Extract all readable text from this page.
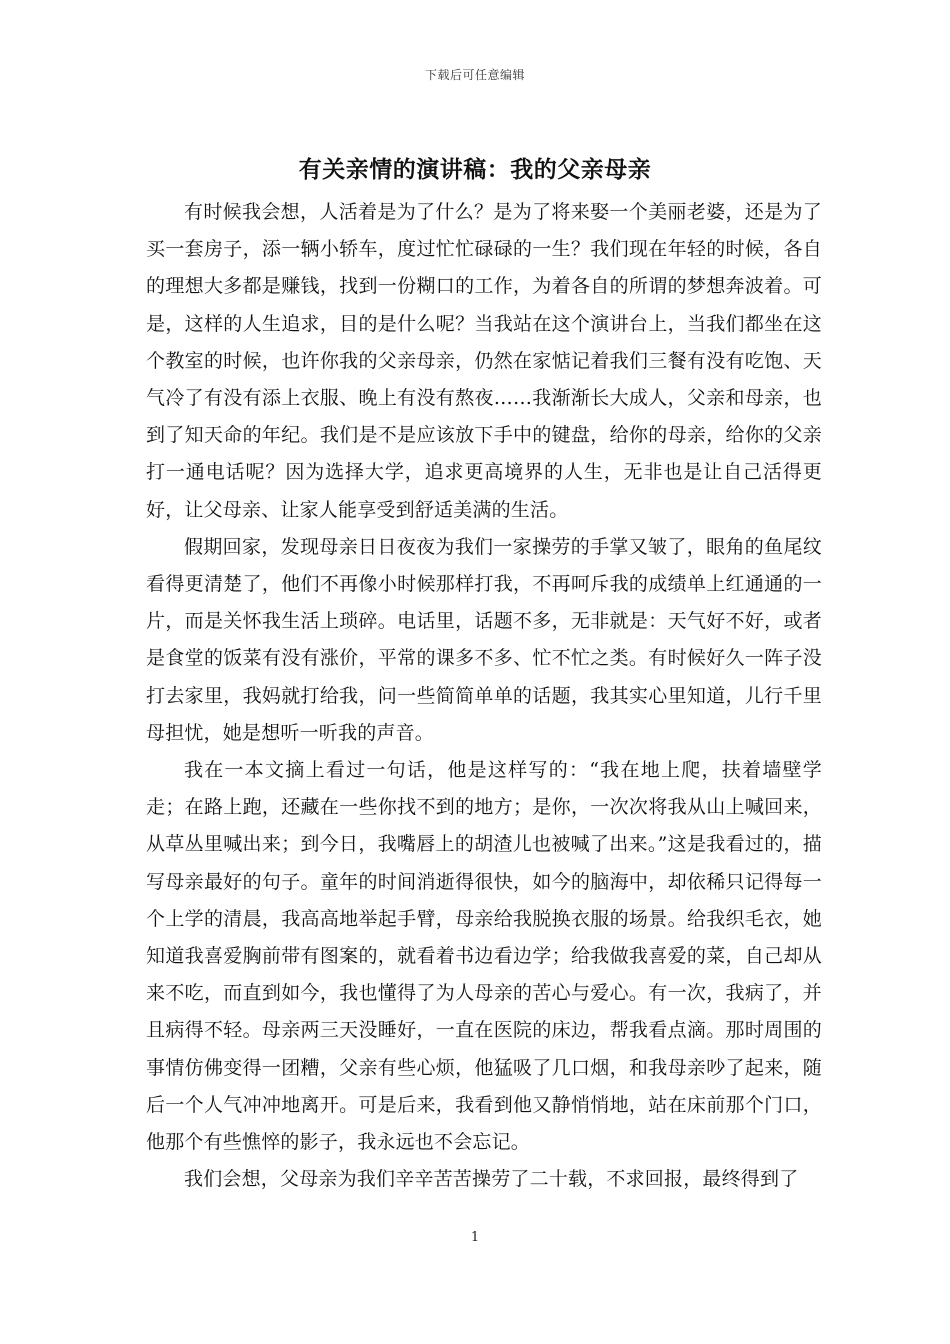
下载后可任意编辑
有关亲情的演讲稿：我的父亲母亲

有时候我会想，人活着是为了什么？是为了将来娶一个美丽老婆，还是为了买一套房子，添一辆小轿车，度过忙忙碌碌的一生？我们现在年轻的时候，各自的理想大多都是赚钱，找到一份糊口的工作，为着各自的所谓的梦想奔波着。可是，这样的人生追求，目的是什么呢？当我站在这个演讲台上，当我们都坐在这个教室的时候，也许你我的父亲母亲，仍然在家惦记着我们三餐有没有吃饱、天气冷了有没有添上衣服、晚上有没有熬夜……我渐渐长大成人，父亲和母亲，也到了知天命的年纪。我们是不是应该放下手中的键盘，给你的母亲，给你的父亲打一通电话呢？因为选择大学，追求更高境界的人生，无非也是让自己活得更好，让父母亲、让家人能享受到舒适美满的生活。

假期回家，发现母亲日日夜夜为我们一家操劳的手掌又皱了，眼角的鱼尾纹看得更清楚了，他们不再像小时候那样打我，不再呵斥我的成绩单上红通通的一片，而是关怀我生活上琐碎。电话里，话题不多，无非就是：天气好不好，或者是食堂的饭菜有没有涨价，平常的课多不多、忙不忙之类。有时候好久一阵子没打去家里，我妈就打给我，问一些简简单单的话题，我其实心里知道，儿行千里母担忧，她是想听一听我的声音。

我在一本文摘上看过一句话，他是这样写的：“我在地上爬，扶着墙壁学走；在路上跑，还藏在一些你找不到的地方；是你，一次次将我从山上喊回来，从草丛里喊出来；到今日，我嘴唇上的胡渣儿也被喊了出来。”这是我看过的，描写母亲最好的句子。童年的时间消逝得很快，如今的脑海中，却依稀只记得每一个上学的清晨，我高高地举起手臂，母亲给我脱换衣服的场景。给我织毛衣，她知道我喜爱胸前带有图案的，就看着书边看边学；给我做我喜爱的菜，自己却从来不吃，而直到如今，我也懂得了为人母亲的苦心与爱心。有一次，我病了，并且病得不轻。母亲两三天没睡好，一直在医院的床边，帮我看点滴。那时周围的事情仿佛变得一团糟，父亲有些心烦，他猛吸了几口烟，和我母亲吵了起来，随后一个人气冲冲地离开。可是后来，我看到他又静悄悄地，站在床前那个门口，他那个有些憔悴的影子，我永远也不会忘记。

我们会想，父母亲为我们辛辛苦苦操劳了二十载，不求回报，最终得到了

1
